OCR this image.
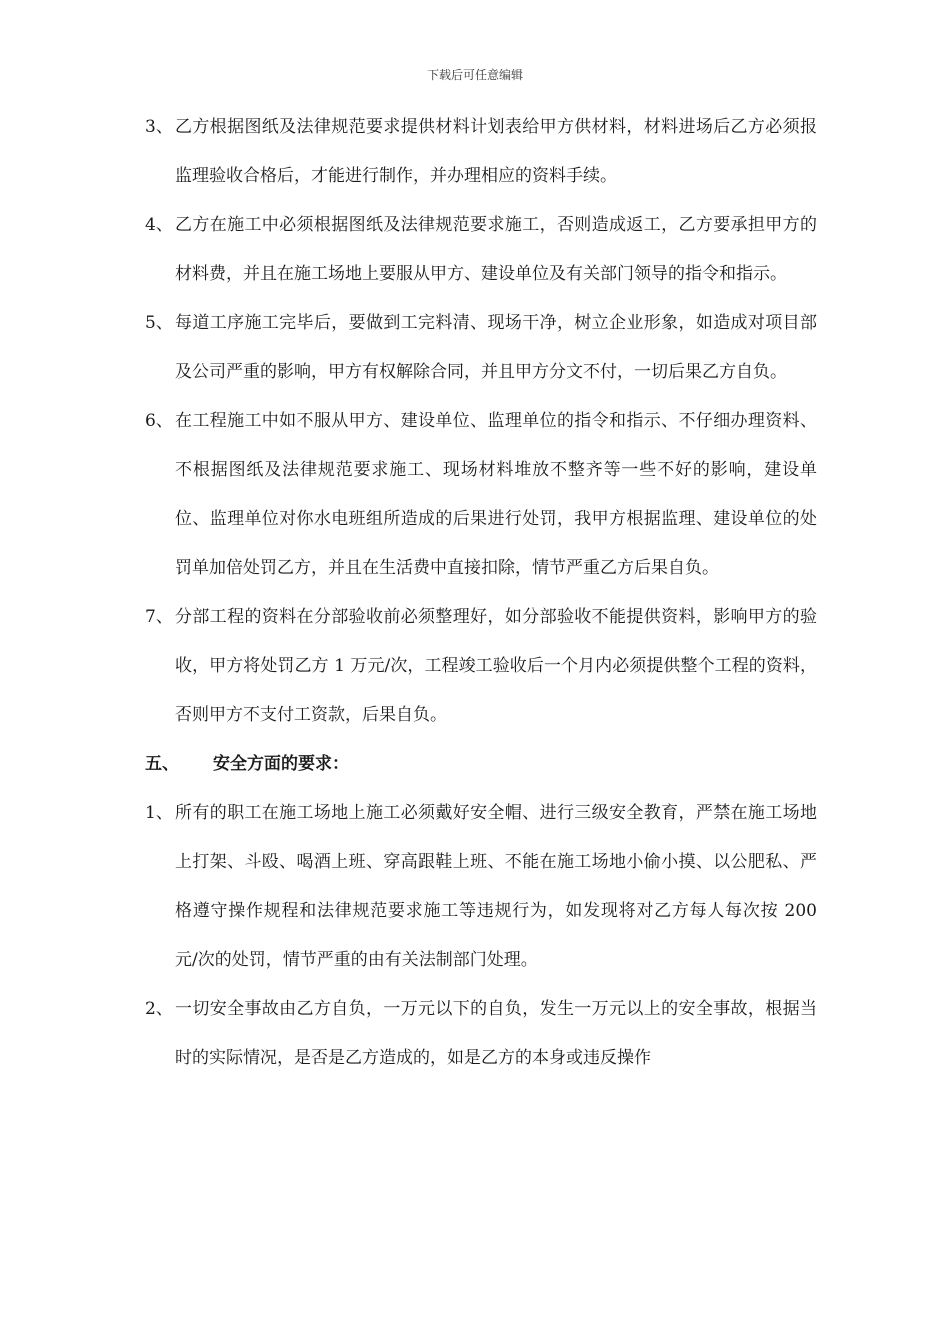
下载后可任意编辑
3、 乙方根据图纸及法律规范要求提供材料计划表给甲方供材料，材料进场后乙方必须报监理验收合格后，才能进行制作，并办理相应的资料手续。
4、 乙方在施工中必须根据图纸及法律规范要求施工，否则造成返工，乙方要承担甲方的材料费，并且在施工场地上要服从甲方、建设单位及有关部门领导的指令和指示。
5、 每道工序施工完毕后，要做到工完料清、现场干净，树立企业形象，如造成对项目部及公司严重的影响，甲方有权解除合同，并且甲方分文不付，一切后果乙方自负。
6、 在工程施工中如不服从甲方、建设单位、监理单位的指令和指示、不仔细办理资料、不根据图纸及法律规范要求施工、现场材料堆放不整齐等一些不好的影响，建设单位、监理单位对你水电班组所造成的后果进行处罚，我甲方根据监理、建设单位的处罚单加倍处罚乙方，并且在生活费中直接扣除，情节严重乙方后果自负。
7、 分部工程的资料在分部验收前必须整理好，如分部验收不能提供资料，影响甲方的验收，甲方将处罚乙方 1 万元/次，工程竣工验收后一个月内必须提供整个工程的资料，否则甲方不支付工资款，后果自负。
五、 安全方面的要求：
1、 所有的职工在施工场地上施工必须戴好安全帽、进行三级安全教育，严禁在施工场地上打架、斗殴、喝酒上班、穿高跟鞋上班、不能在施工场地小偷小摸、以公肥私、严格遵守操作规程和法律规范要求施工等违规行为，如发现将对乙方每人每次按 200 元/次的处罚，情节严重的由有关法制部门处理。
2、 一切安全事故由乙方自负，一万元以下的自负，发生一万元以上的安全事故，根据当时的实际情况，是否是乙方造成的，如是乙方的本身或违反操作
